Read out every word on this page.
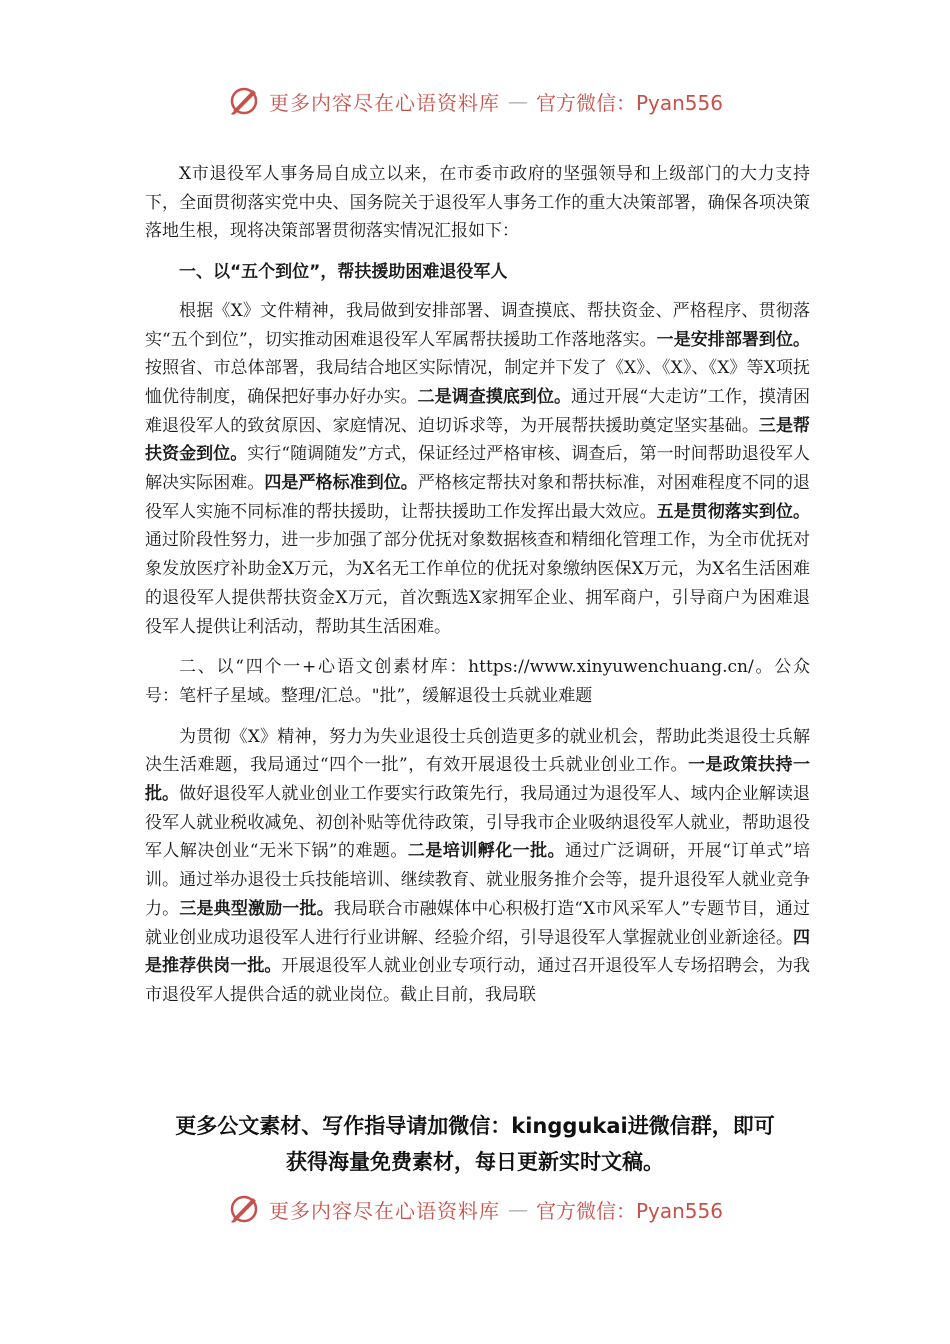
更多内容尽在心语资料库 — 官方微信：Pyan556

X市退役军人事务局自成立以来，在市委市政府的坚强领导和上级部门的大力支持下，全面贯彻落实党中央、国务院关于退役军人事务工作的重大决策部署，确保各项决策落地生根，现将决策部署贯彻落实情况汇报如下：

一、以“五个到位”，帮扶援助困难退役军人

根据《X》文件精神，我局做到安排部署、调查摸底、帮扶资金、严格程序、贯彻落实“五个到位”，切实推动困难退役军人军属帮扶援助工作落地落实。一是安排部署到位。按照省、市总体部署，我局结合地区实际情况，制定并下发了《X》、《X》、《X》等X项抚恤优待制度，确保把好事办好办实。二是调查摸底到位。通过开展“大走访”工作，摸清困难退役军人的致贫原因、家庭情况、迫切诉求等，为开展帮扶援助奠定坚实基础。三是帮扶资金到位。实行“随调随发”方式，保证经过严格审核、调查后，第一时间帮助退役军人解决实际困难。四是严格标准到位。严格核定帮扶对象和帮扶标准，对困难程度不同的退役军人实施不同标准的帮扶援助，让帮扶援助工作发挥出最大效应。五是贯彻落实到位。通过阶段性努力，进一步加强了部分优抚对象数据核查和精细化管理工作，为全市优抚对象发放医疗补助金X万元，为X名无工作单位的优抚对象缴纳医保X万元，为X名生活困难的退役军人提供帮扶资金X万元，首次甄选X家拥军企业、拥军商户，引导商户为困难退役军人提供让利活动，帮助其生活困难。

二、以“四个一+心语文创素材库：https://www.xinyuwenchuang.cn/。公众号：笔杆子星域。整理/汇总。"批”，缓解退役士兵就业难题

为贯彻《X》精神，努力为失业退役士兵创造更多的就业机会，帮助此类退役士兵解决生活难题，我局通过“四个一批”，有效开展退役士兵就业创业工作。一是政策扶持一批。做好退役军人就业创业工作要实行政策先行，我局通过为退役军人、域内企业解读退役军人就业税收减免、初创补贴等优待政策，引导我市企业吸纳退役军人就业，帮助退役军人解决创业“无米下锅”的难题。二是培训孵化一批。通过广泛调研，开展“订单式”培训。通过举办退役士兵技能培训、继续教育、就业服务推介会等，提升退役军人就业竞争力。三是典型激励一批。我局联合市融媒体中心积极打造“X市风采军人”专题节目，通过就业创业成功退役军人进行行业讲解、经验介绍，引导退役军人掌握就业创业新途径。四是推荐供岗一批。开展退役军人就业创业专项行动，通过召开退役军人专场招聘会，为我市退役军人提供合适的就业岗位。截止目前，我局联

更多公文素材、写作指导请加微信：kinggukai进微信群，即可
获得海量免费素材，每日更新实时文稿。
更多内容尽在心语资料库 — 官方微信：Pyan556
